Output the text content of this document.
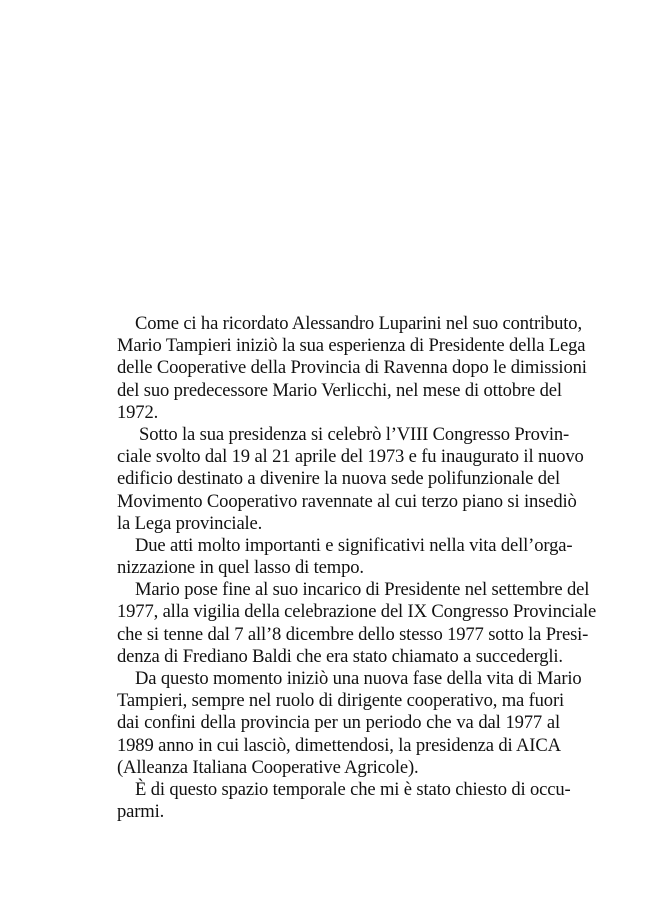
Come ci ha ricordato Alessandro Luparini nel suo contributo,
Mario Tampieri iniziò la sua esperienza di Presidente della Lega
delle Cooperative della Provincia di Ravenna dopo le dimissioni
del suo predecessore Mario Verlicchi, nel mese di ottobre del
1972.
Sotto la sua presidenza si celebrò l’VIII Congresso Provin-
ciale svolto dal 19 al 21 aprile del 1973 e fu inaugurato il nuovo
edificio destinato a divenire la nuova sede polifunzionale del
Movimento Cooperativo ravennate al cui terzo piano si insediò
la Lega provinciale.
Due atti molto importanti e significativi nella vita dell’orga-
nizzazione in quel lasso di tempo.
Mario pose fine al suo incarico di Presidente nel settembre del
1977, alla vigilia della celebrazione del IX Congresso Provinciale
che si tenne dal 7 all’8 dicembre dello stesso 1977 sotto la Presi-
denza di Frediano Baldi che era stato chiamato a succedergli.
Da questo momento iniziò una nuova fase della vita di Mario
Tampieri, sempre nel ruolo di dirigente cooperativo, ma fuori
dai confini della provincia per un periodo che va dal 1977 al
1989 anno in cui lasciò, dimettendosi, la presidenza di AICA
(Alleanza Italiana Cooperative Agricole).
È di questo spazio temporale che mi è stato chiesto di occu-
parmi.
